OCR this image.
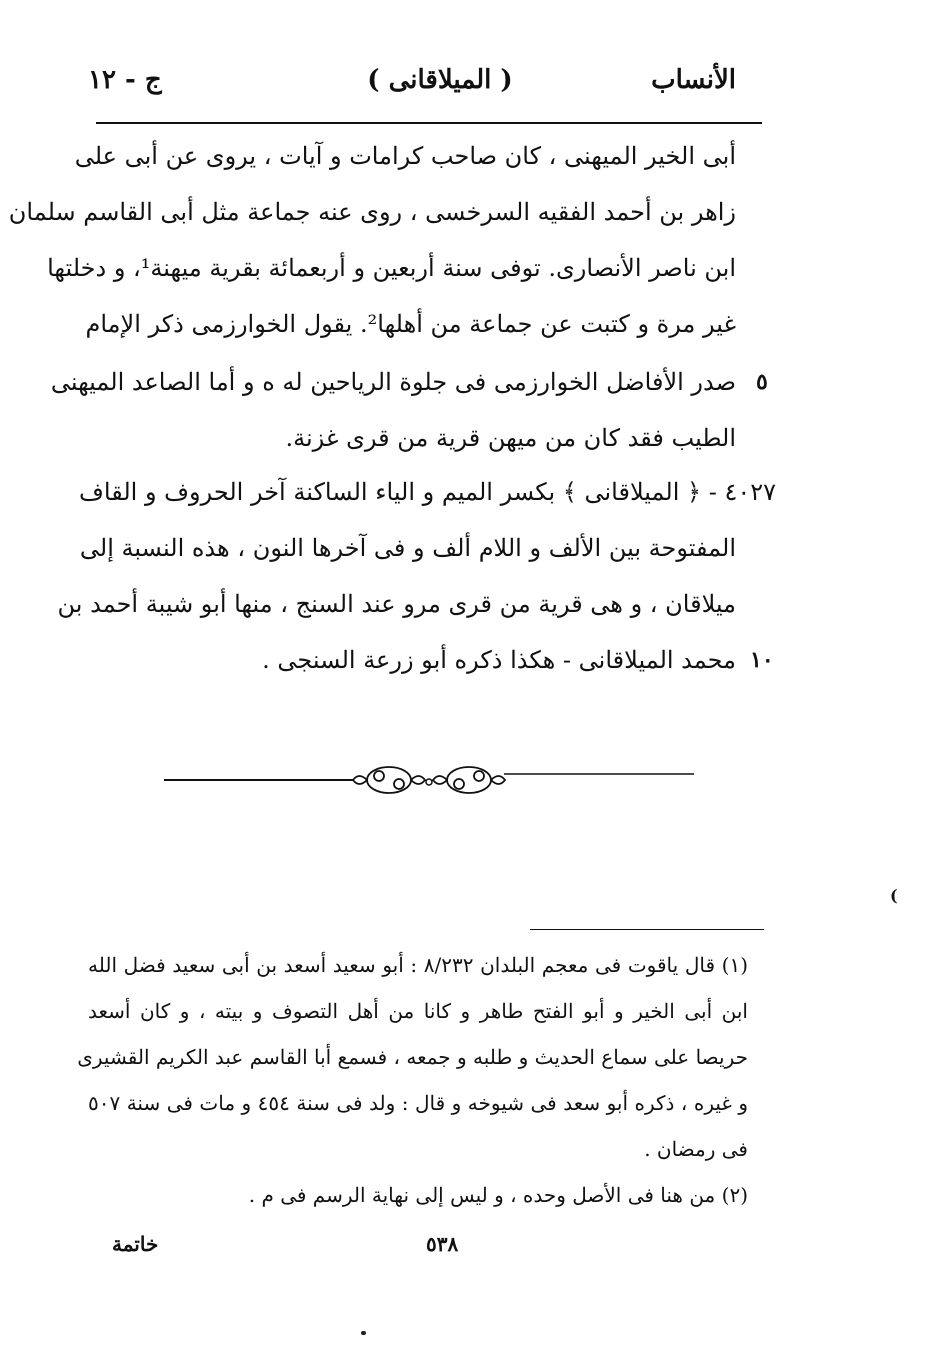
الأنساب
( الميلاقانى )
ج - ١٢
أبى الخير الميهنى ، كان صاحب كرامات و آيات ، يروى عن أبى على
زاهر بن أحمد الفقيه السرخسى ، روى عنه جماعة مثل أبى القاسم سلمان
ابن ناصر الأنصارى. توفى سنة أربعين و أربعمائة بقرية ميهنة¹، و دخلتها
غير مرة و كتبت عن جماعة من أهلها². يقول الخوارزمى ذكر الإمام
صدر الأفاضل الخوارزمى فى جلوة الرياحين له ه و أما الصاعد الميهنى
الطيب فقد كان من ميهن قرية من قرى غزنة.
٤٠٢٧ - ﴿ الميلاقانى ﴾ بكسر الميم و الياء الساكنة آخر الحروف و القاف
المفتوحة بين الألف و اللام ألف و فى آخرها النون ، هذه النسبة إلى
ميلاقان ، و هى قرية من قرى مرو عند السنج ، منها أبو شيبة أحمد بن
محمد الميلاقانى - هكذا ذكره أبو زرعة السنجى .
٥
١٠
(
(١) قال ياقوت فى معجم البلدان ٨/٢٣٢ : أبو سعيد أسعد بن أبى سعيد فضل الله
ابن أبى الخير و أبو الفتح طاهر و كانا من أهل التصوف و بيته ، و كان أسعد
حريصا على سماع الحديث و طلبه و جمعه ، فسمع أبا القاسم عبد الكريم القشيرى
و غيره ، ذكره أبو سعد فى شيوخه و قال : ولد فى سنة ٤٥٤ و مات فى سنة ٥٠٧
فى رمضان .
(٢) من هنا فى الأصل وحده ، و ليس إلى نهاية الرسم فى م .
خاتمة	٥٣٨
